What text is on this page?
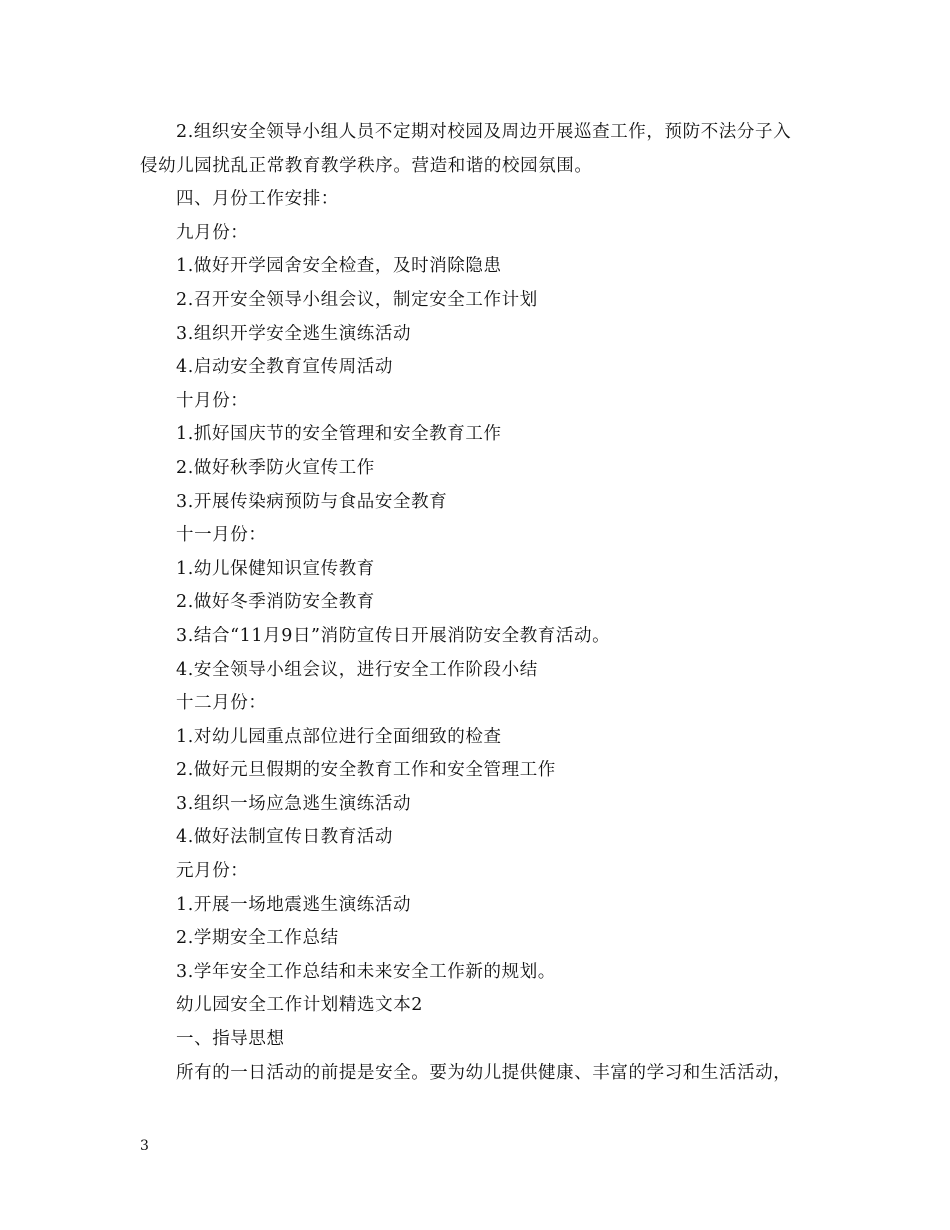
2.组织安全领导小组人员不定期对校园及周边开展巡查工作，预防不法分子入
侵幼儿园扰乱正常教育教学秩序。营造和谐的校园氛围。
四、月份工作安排：
九月份：
1.做好开学园舍安全检查，及时消除隐患
2.召开安全领导小组会议，制定安全工作计划
3.组织开学安全逃生演练活动
4.启动安全教育宣传周活动
十月份：
1.抓好国庆节的安全管理和安全教育工作
2.做好秋季防火宣传工作
3.开展传染病预防与食品安全教育
十一月份：
1.幼儿保健知识宣传教育
2.做好冬季消防安全教育
3.结合“11月9日”消防宣传日开展消防安全教育活动。
4.安全领导小组会议，进行安全工作阶段小结
十二月份：
1.对幼儿园重点部位进行全面细致的检查
2.做好元旦假期的安全教育工作和安全管理工作
3.组织一场应急逃生演练活动
4.做好法制宣传日教育活动
元月份：
1.开展一场地震逃生演练活动
2.学期安全工作总结
3.学年安全工作总结和未来安全工作新的规划。
幼儿园安全工作计划精选文本2
一、指导思想
所有的一日活动的前提是安全。要为幼儿提供健康、丰富的学习和生活活动，
3
